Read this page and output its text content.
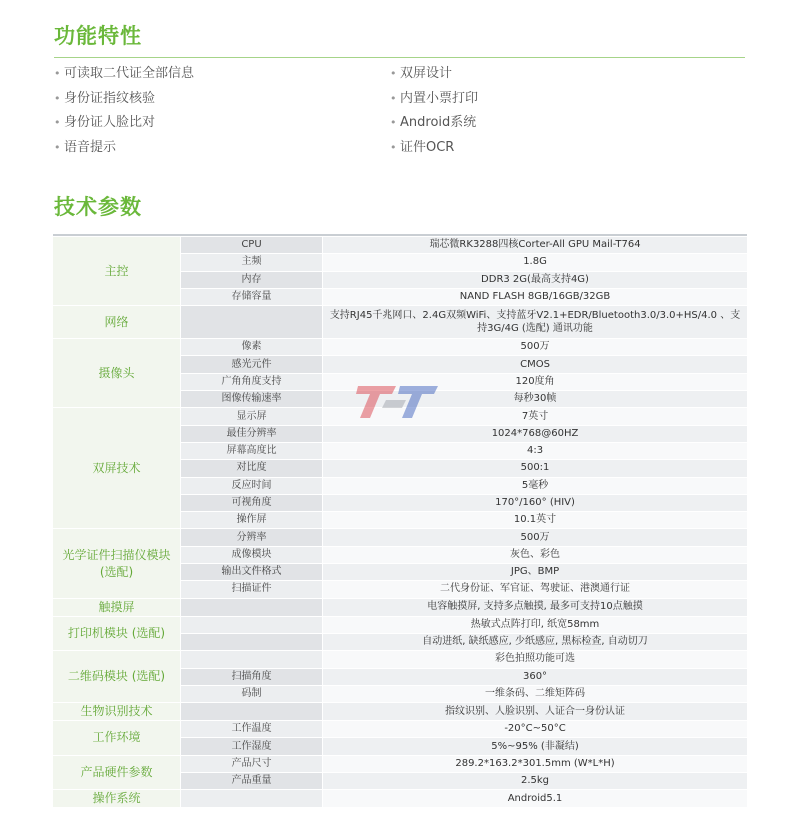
功能特性
• 可读取二代证全部信息
• 身份证指纹核验
• 身份证人脸比对
• 语音提示
• 双屏设计
• 内置小票打印
• Android系统
• 证件OCR
技术参数

主控	CPU	瑞芯微RK3288四核Corter-All GPU Mail-T764
	主频	1.8G
	内存	DDR3 2G(最高支持4G)
	存储容量	NAND FLASH 8GB/16GB/32GB
网络		支持RJ45千兆网口、2.4G双频WiFi、支持蓝牙V2.1+EDR/Bluetooth3.0/3.0+HS/4.0 、支持3G/4G (选配) 通讯功能
摄像头	像素	500万
	感光元件	CMOS
	广角角度支持	120度角
	图像传输速率	每秒30帧
双屏技术	显示屏	7英寸
	最佳分辨率	1024*768@60HZ
	屏幕高度比	4:3
	对比度	500:1
	反应时间	5毫秒
	可视角度	170°/160° (HIV)
	操作屏	10.1英寸
光学证件扫描仪模块 (选配)	分辨率	500万
	成像模块	灰色、彩色
	输出文件格式	JPG、BMP
	扫描证件	二代身份证、军官证、驾驶证、港澳通行证
触摸屏		电容触摸屏, 支持多点触摸, 最多可支持10点触摸
打印机模块 (选配)		热敏式点阵打印, 纸宽58mm
		自动进纸, 缺纸感应, 少纸感应, 黑标检查, 自动切刀
二维码模块 (选配)		彩色拍照功能可选
	扫描角度	360°
	码制	一维条码、二维矩阵码
生物识别技术		指纹识别、人脸识别、人证合一身份认证
工作环境	工作温度	-20°C~50°C
	工作湿度	5%~95% (非凝结)
产品硬件参数	产品尺寸	289.2*163.2*301.5mm (W*L*H)
	产品重量	2.5kg
操作系统		Android5.1
